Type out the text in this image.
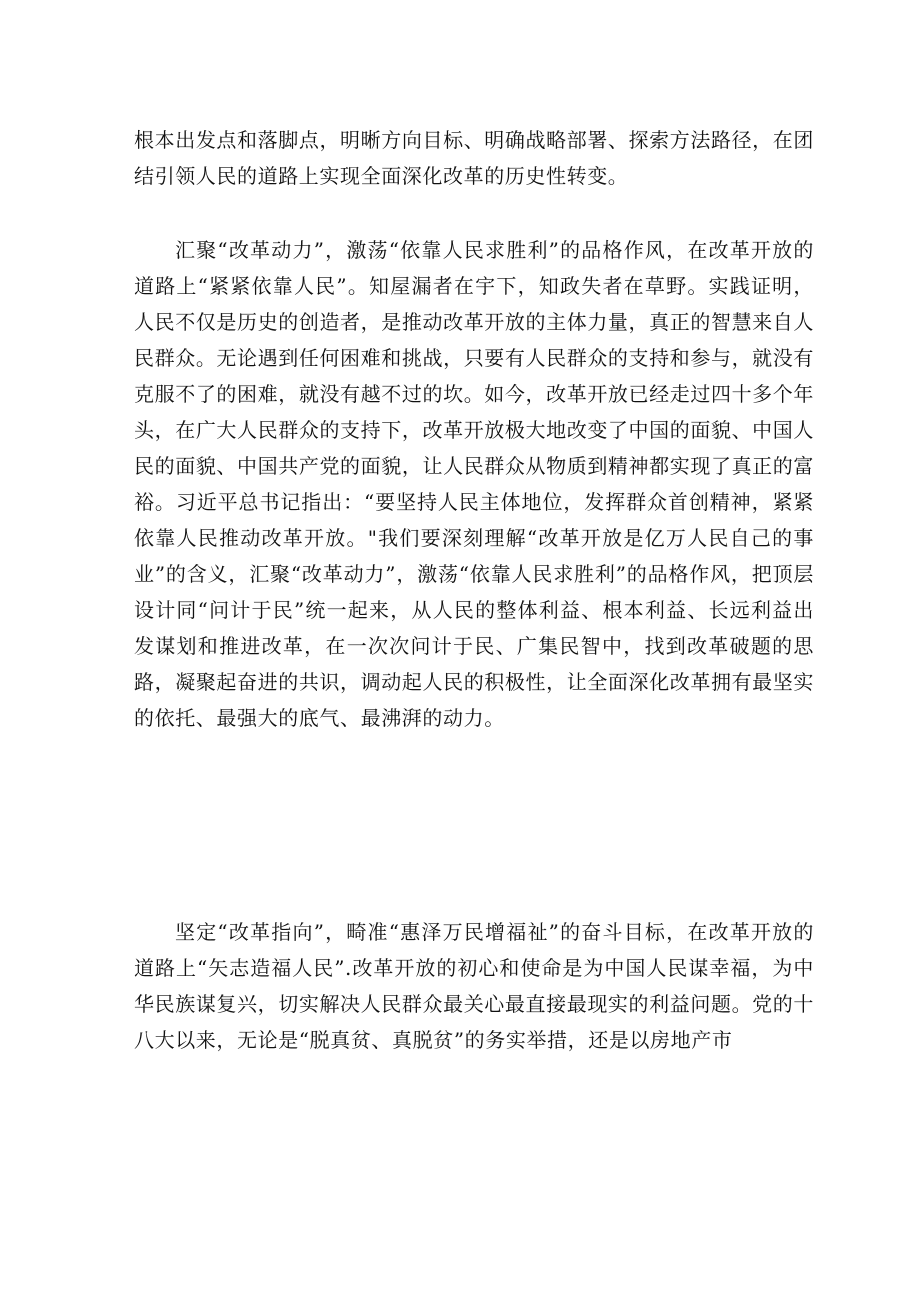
根本出发点和落脚点，明晰方向目标、明确战略部署、探索方法路径，在团结引领人民的道路上实现全面深化改革的历史性转变。

汇聚“改革动力”，激荡“依靠人民求胜利”的品格作风，在改革开放的道路上“紧紧依靠人民”。知屋漏者在宇下，知政失者在草野。实践证明，人民不仅是历史的创造者，是推动改革开放的主体力量，真正的智慧来自人民群众。无论遇到任何困难和挑战，只要有人民群众的支持和参与，就没有克服不了的困难，就没有越不过的坎。如今，改革开放已经走过四十多个年头，在广大人民群众的支持下，改革开放极大地改变了中国的面貌、中国人民的面貌、中国共产党的面貌，让人民群众从物质到精神都实现了真正的富裕。习近平总书记指出：“要坚持人民主体地位，发挥群众首创精神，紧紧依靠人民推动改革开放。"我们要深刻理解“改革开放是亿万人民自己的事业”的含义，汇聚“改革动力”，激荡“依靠人民求胜利”的品格作风，把顶层设计同“问计于民”统一起来，从人民的整体利益、根本利益、长远利益出发谋划和推进改革，在一次次问计于民、广集民智中，找到改革破题的思路，凝聚起奋进的共识，调动起人民的积极性，让全面深化改革拥有最坚实的依托、最强大的底气、最沸湃的动力。

坚定“改革指向”，畸准“惠泽万民增福祉”的奋斗目标，在改革开放的道路上“矢志造福人民”.改革开放的初心和使命是为中国人民谋幸福，为中华民族谋复兴，切实解决人民群众最关心最直接最现实的利益问题。党的十八大以来，无论是“脱真贫、真脱贫”的务实举措，还是以房地产市
